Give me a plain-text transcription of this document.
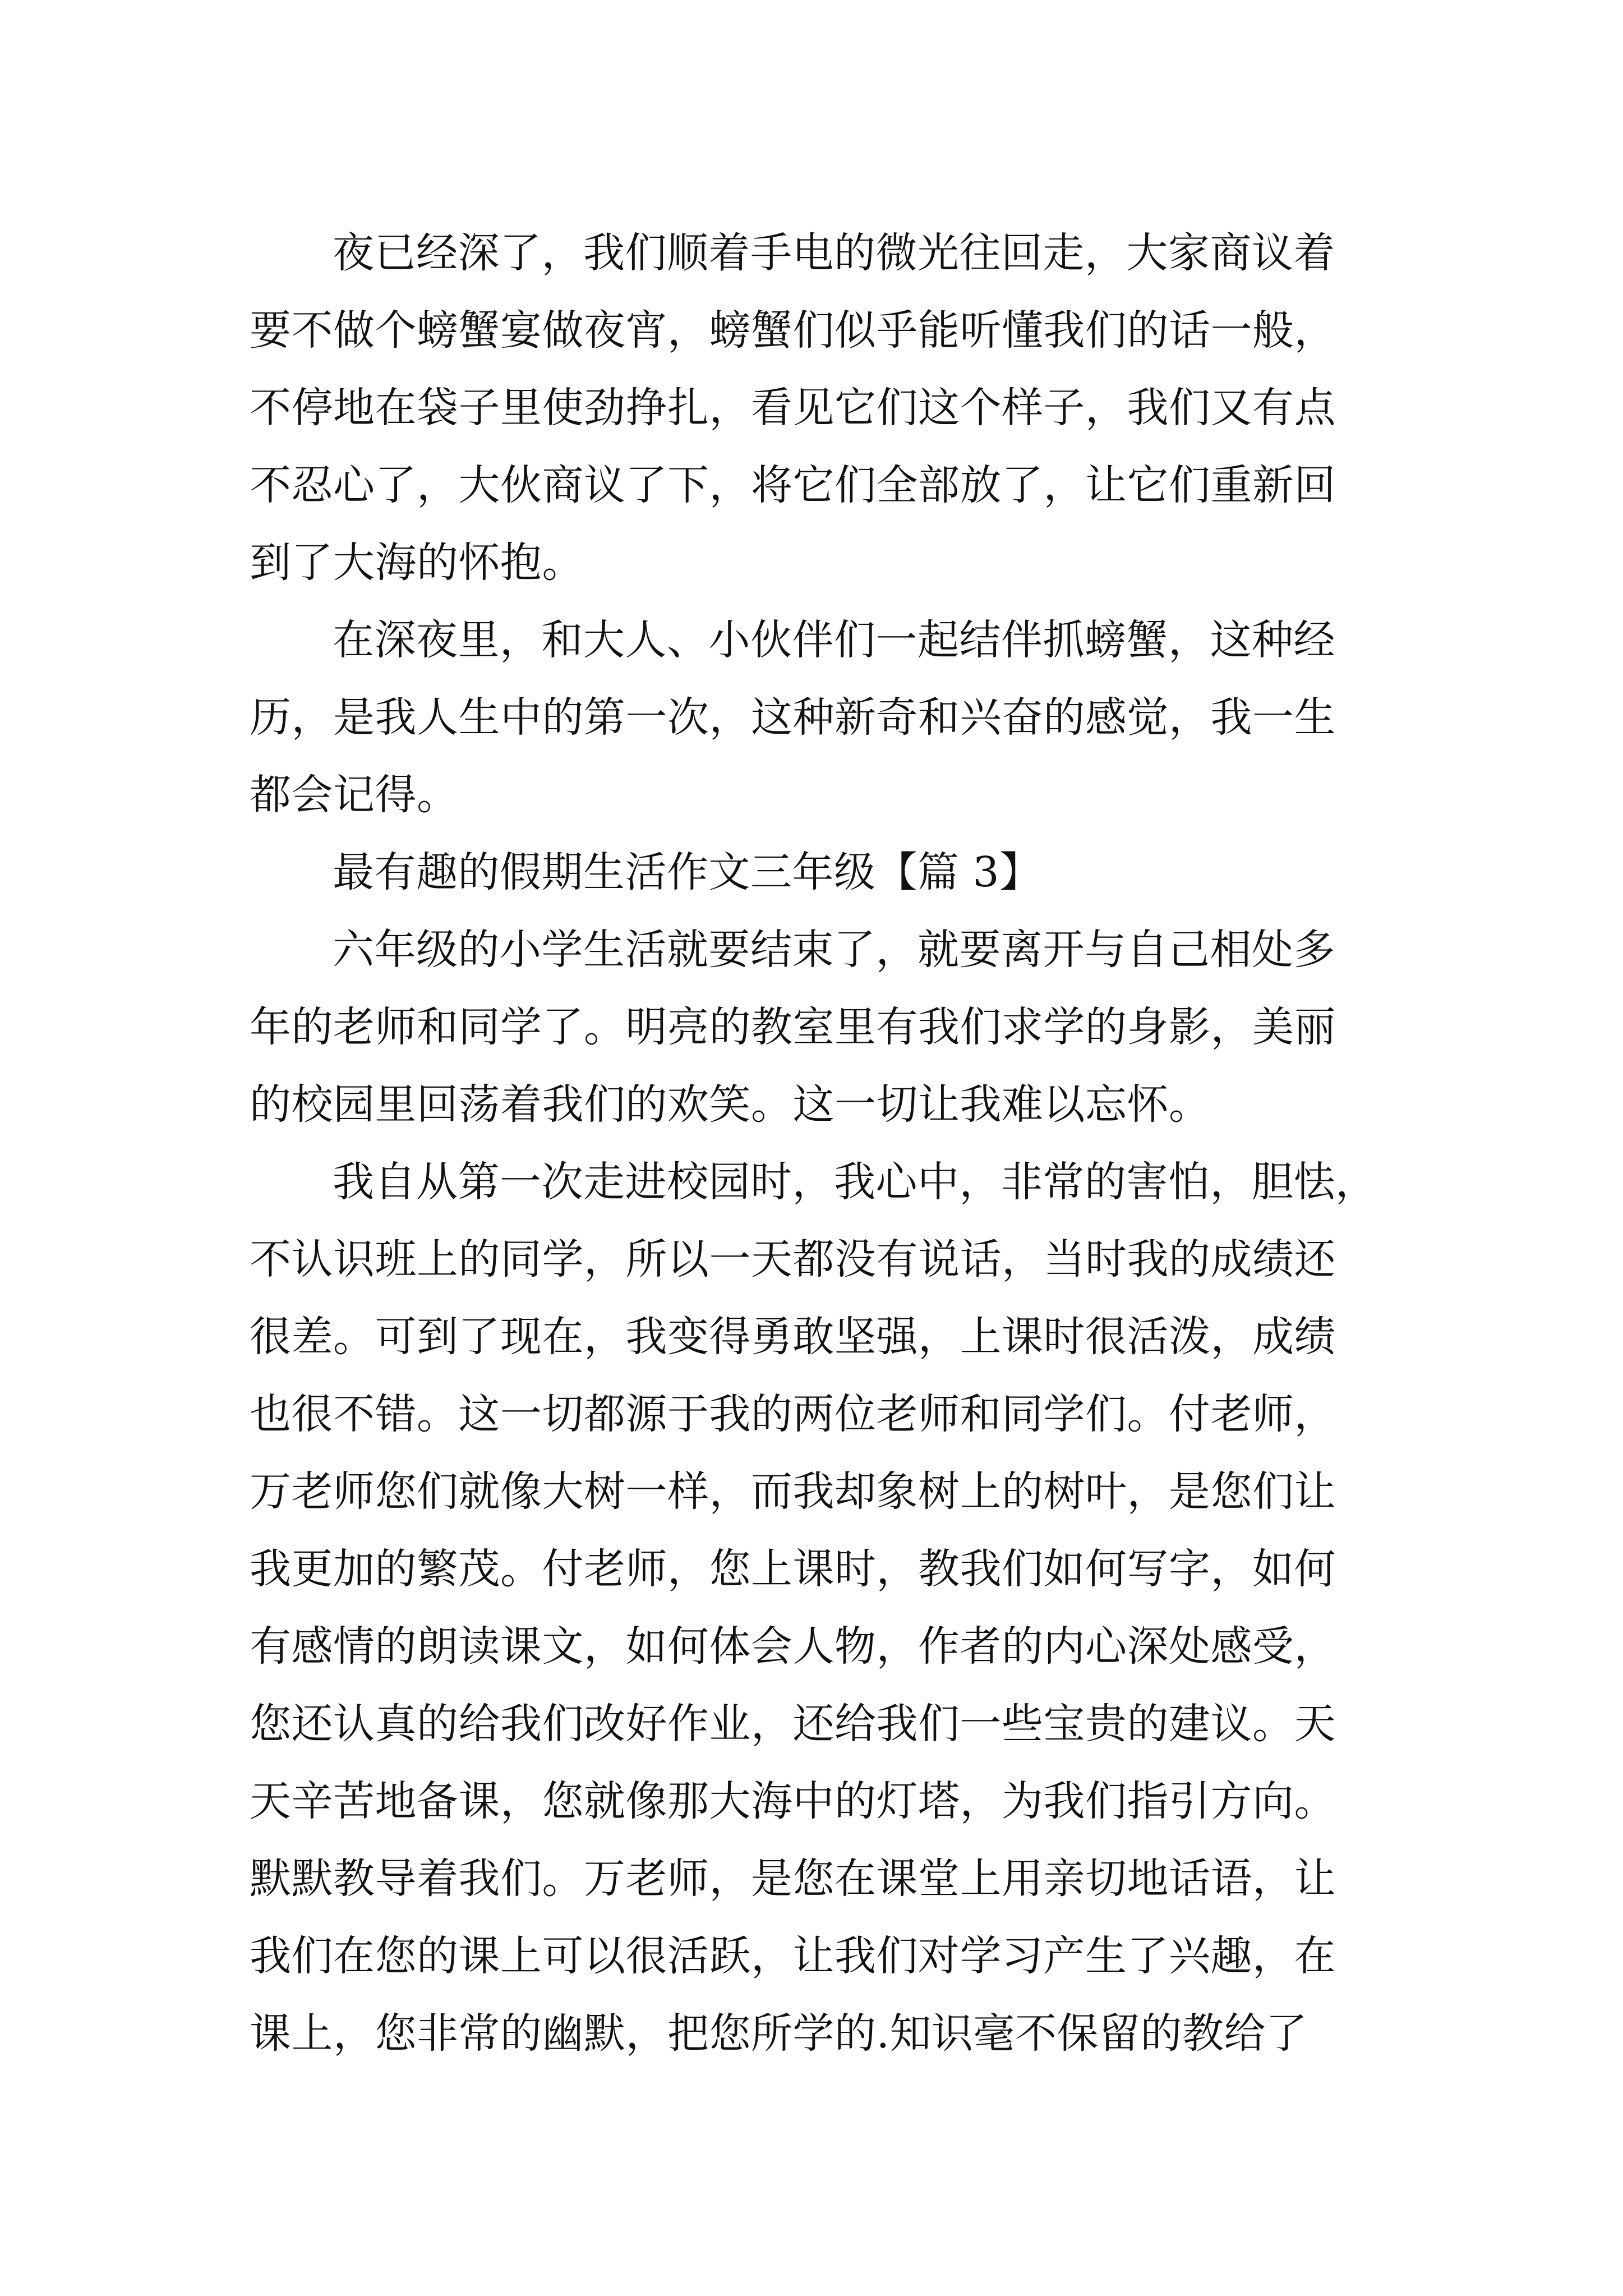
夜已经深了，我们顺着手电的微光往回走，大家商议着
要不做个螃蟹宴做夜宵，螃蟹们似乎能听懂我们的话一般，
不停地在袋子里使劲挣扎，看见它们这个样子，我们又有点
不忍心了，大伙商议了下，将它们全部放了，让它们重新回
到了大海的怀抱。
在深夜里，和大人、小伙伴们一起结伴抓螃蟹，这种经
历，是我人生中的第一次，这种新奇和兴奋的感觉，我一生
都会记得。
最有趣的假期生活作文三年级【篇 3】
六年级的小学生活就要结束了，就要离开与自己相处多
年的老师和同学了。明亮的教室里有我们求学的身影，美丽
的校园里回荡着我们的欢笑。这一切让我难以忘怀。
我自从第一次走进校园时，我心中，非常的害怕，胆怯，
不认识班上的同学，所以一天都没有说话，当时我的成绩还
很差。可到了现在，我变得勇敢坚强，上课时很活泼，成绩
也很不错。这一切都源于我的两位老师和同学们。付老师，
万老师您们就像大树一样，而我却象树上的树叶，是您们让
我更加的繁茂。付老师，您上课时，教我们如何写字，如何
有感情的朗读课文，如何体会人物，作者的内心深处感受，
您还认真的给我们改好作业，还给我们一些宝贵的建议。天
天辛苦地备课，您就像那大海中的灯塔，为我们指引方向。
默默教导着我们。万老师，是您在课堂上用亲切地话语，让
我们在您的课上可以很活跃，让我们对学习产生了兴趣，在
课上，您非常的幽默，把您所学的.知识毫不保留的教给了
